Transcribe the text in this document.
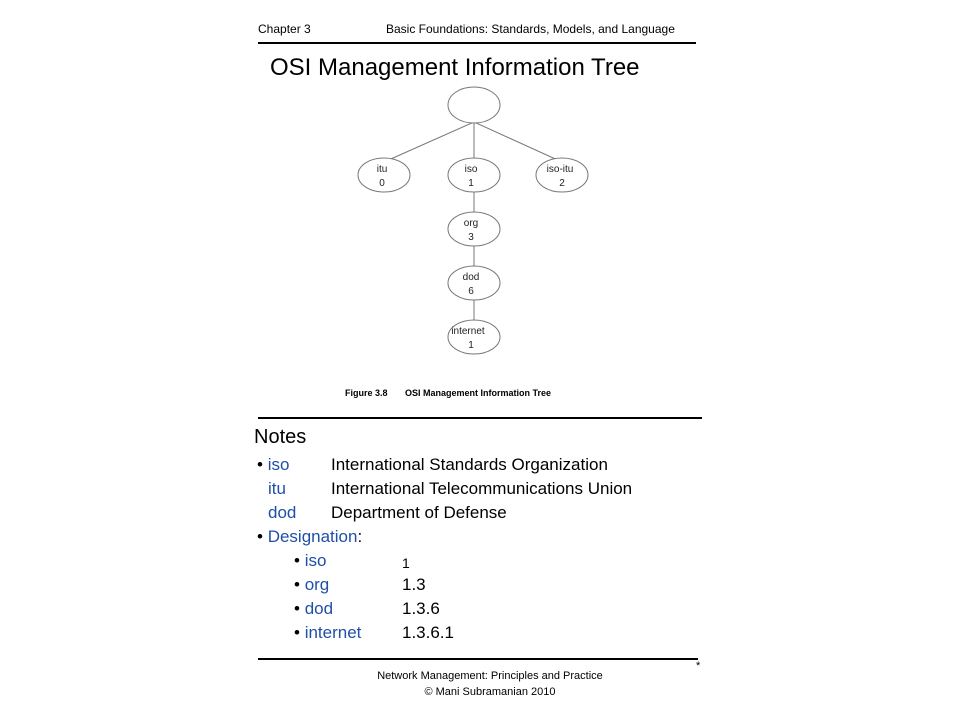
Chapter 3	Basic Foundations: Standards, Models, and Language
OSI Management Information Tree
itu
0
iso
1
iso-itu
2
org
3
dod
6
internet
1
Figure 3.8 OSI Management Information Tree
Notes
• iso International Standards Organization
itu	International Telecommunications Union
dod Department of Defense
• Designation:
• iso	1
• org	1.3
• dod	1.3.6
• internet 1.3.6.1
Network Management: Principles and Practice
© Mani Subramanian 2010
*
